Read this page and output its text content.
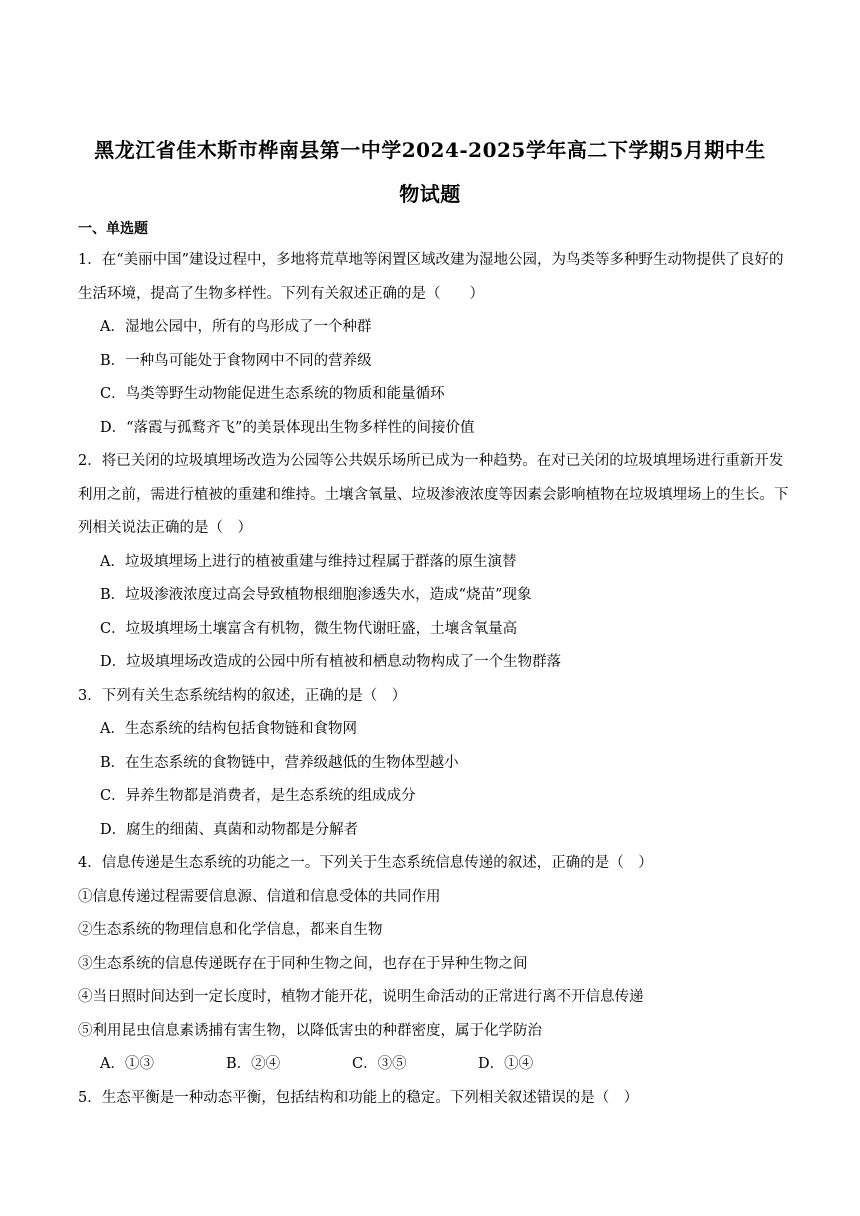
黑龙江省佳木斯市桦南县第一中学2024-2025学年高二下学期5月期中生
物试题
一、单选题

1．在“美丽中国”建设过程中，多地将荒草地等闲置区域改建为湿地公园，为鸟类等多种野生动物提供了良好的生活环境，提高了生物多样性。下列有关叙述正确的是（　　）

A．湿地公园中，所有的鸟形成了一个种群

B．一种鸟可能处于食物网中不同的营养级

C．鸟类等野生动物能促进生态系统的物质和能量循环

D．“落霞与孤鹜齐飞”的美景体现出生物多样性的间接价值

2．将已关闭的垃圾填埋场改造为公园等公共娱乐场所已成为一种趋势。在对已关闭的垃圾填埋场进行重新开发利用之前，需进行植被的重建和维持。土壤含氧量、垃圾渗液浓度等因素会影响植物在垃圾填埋场上的生长。下列相关说法正确的是（　）

A．垃圾填埋场上进行的植被重建与维持过程属于群落的原生演替

B．垃圾渗液浓度过高会导致植物根细胞渗透失水，造成“烧苗”现象

C．垃圾填埋场土壤富含有机物，微生物代谢旺盛，土壤含氧量高

D．垃圾填埋场改造成的公园中所有植被和栖息动物构成了一个生物群落

3．下列有关生态系统结构的叙述，正确的是（　）

A．生态系统的结构包括食物链和食物网

B．在生态系统的食物链中，营养级越低的生物体型越小

C．异养生物都是消费者，是生态系统的组成成分

D．腐生的细菌、真菌和动物都是分解者

4．信息传递是生态系统的功能之一。下列关于生态系统信息传递的叙述，正确的是（　）

①信息传递过程需要信息源、信道和信息受体的共同作用

②生态系统的物理信息和化学信息，都来自生物

③生态系统的信息传递既存在于同种生物之间，也存在于异种生物之间

④当日照时间达到一定长度时，植物才能开花，说明生命活动的正常进行离不开信息传递

⑤利用昆虫信息素诱捕有害生物，以降低害虫的种群密度，属于化学防治

A．①③	B．②④	C．③⑤	D．①④

5．生态平衡是一种动态平衡，包括结构和功能上的稳定。下列相关叙述错误的是（　）
